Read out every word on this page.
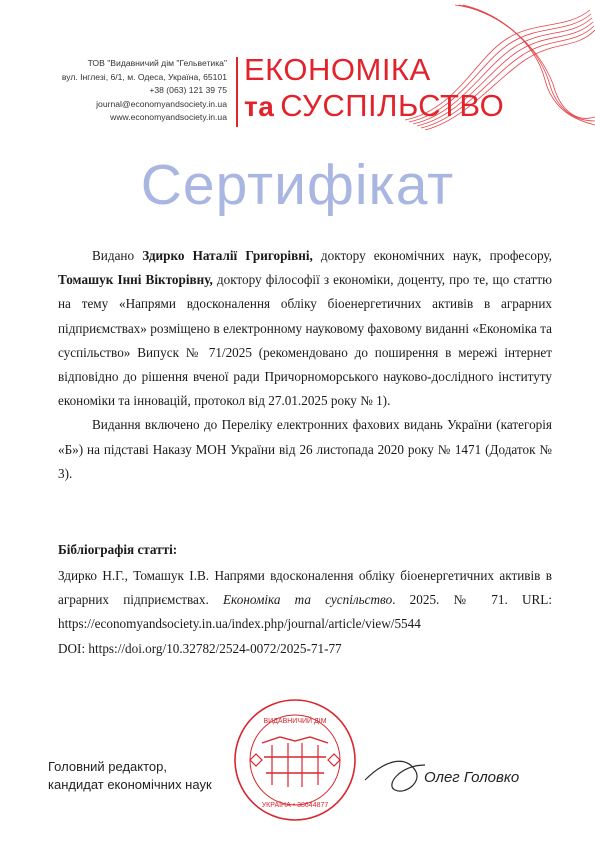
ТОВ "Видавничий дім "Гельветика"
вул. Інглезі, 6/1, м. Одеса, Україна, 65101
+38 (063) 121 39 75
journal@economyandsociety.in.ua
www.economyandsociety.in.ua
ЕКОНОМІКА
та СУСПІЛЬСТВО
Сертифікат

Видано Здирко Наталії Григорівні, доктору економічних наук, професору, Томашук Інні Вікторівну, доктору філософії з економіки, доценту, про те, що статтю на тему «Напрями вдосконалення обліку біоенергетичних активів в аграрних підприємствах» розміщено в електронному науковому фаховому виданні «Економіка та суспільство» Випуск № 71/2025 (рекомендовано до поширення в мережі інтернет відповідно до рішення вченої ради Причорноморського науково-дослідного інституту економіки та інновацій, протокол від 27.01.2025 року № 1).

Видання включено до Переліку електронних фахових видань України (категорія «Б») на підставі Наказу МОН України від 26 листопада 2020 року № 1471 (Додаток № 3).

Бібліографія статті:

Здирко Н.Г., Томашук І.В. Напрями вдосконалення обліку біоенергетичних активів в аграрних підприємствах. Економіка та суспільство. 2025. № 71. URL: https://economyandsociety.in.ua/index.php/journal/article/view/5544

DOI: https://doi.org/10.32782/2524-0072/2025-71-77

Головний редактор,
кандидат економічних наук
ВИДАВНИЧИЙ ДІМ
УКРАЇНА • 38644877
Олег Головко
